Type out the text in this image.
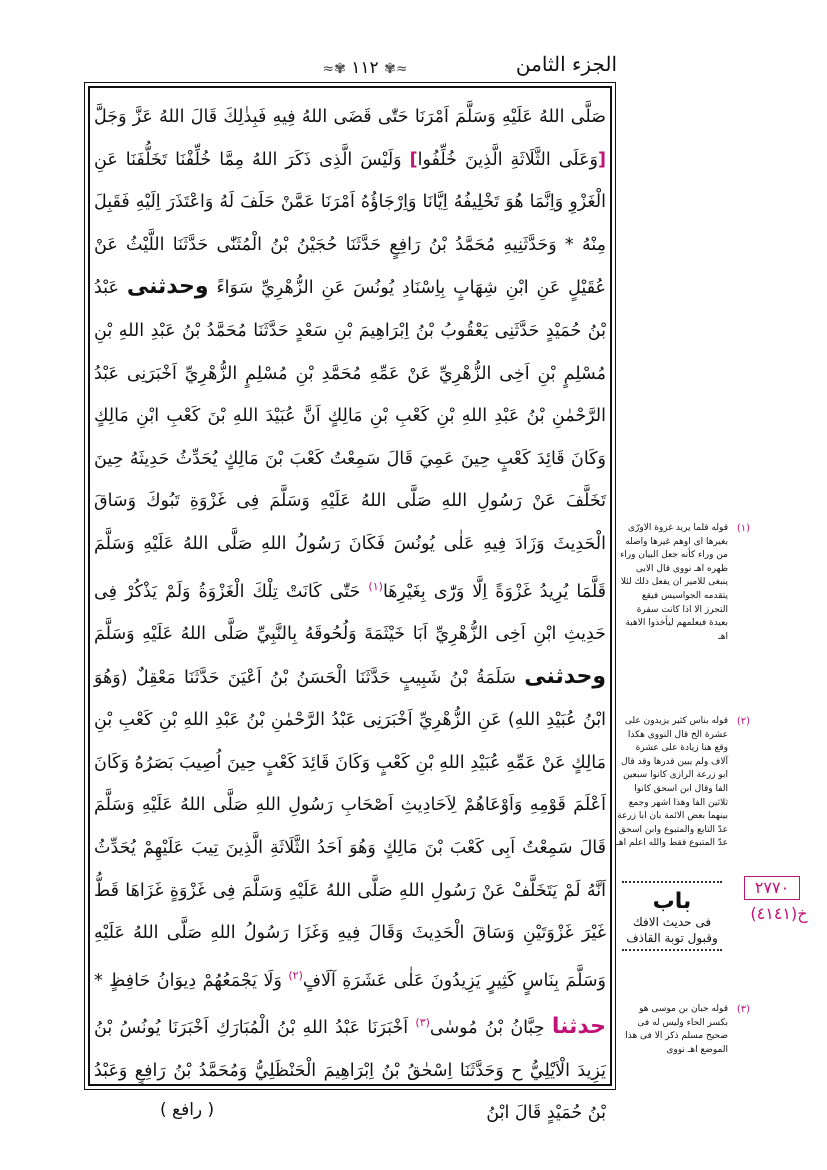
الجزء الثامن
≈✾ ١١٢ ✾≈
صَلَّى اللهُ عَلَيْهِ وَسَلَّمَ اَمْرَنَا حَتّٰى قَضَى اللهُ فِيهِ فَبِذٰلِكَ قَالَ اللهُ عَزَّ وَجَلَّ [وَعَلَى الثَّلَاثَةِ الَّذِينَ خُلِّفُوا] وَلَيْسَ الَّذِى ذَكَرَ اللهُ مِمَّا خُلِّفْنَا تَخَلُّفَنَا عَنِ الْغَزْوِ وَاِنَّمَا هُوَ تَخْلِيفُهُ اِيَّانَا وَاِرْجَاؤُهُ اَمْرَنَا عَمَّنْ حَلَفَ لَهُ وَاعْتَذَرَ اِلَيْهِ فَقَبِلَ مِنْهُ * وَحَدَّثَنِيهِ مُحَمَّدُ بْنُ رَافِعٍ حَدَّثَنَا حُجَيْنُ بْنُ الْمُثَنّٰى حَدَّثَنَا اللَّيْثُ عَنْ عُقَيْلٍ عَنِ ابْنِ شِهَابٍ بِاِسْنَادِ يُونُسَ عَنِ الزُّهْرِيِّ سَوَاءً وحدثنى عَبْدُ بْنُ حُمَيْدٍ حَدَّثَنِى يَعْقُوبُ بْنُ اِبْرَاهِيمَ بْنِ سَعْدٍ حَدَّثَنَا مُحَمَّدُ بْنُ عَبْدِ اللهِ بْنِ مُسْلِمٍ بْنِ اَخِى الزُّهْرِيِّ عَنْ عَمِّهِ مُحَمَّدِ بْنِ مُسْلِمٍ الزُّهْرِيِّ اَخْبَرَنِى عَبْدُ الرَّحْمٰنِ بْنُ عَبْدِ اللهِ بْنِ كَعْبِ بْنِ مَالِكٍ اَنَّ عُبَيْدَ اللهِ بْنَ كَعْبِ ابْنِ مَالِكٍ وَكَانَ قَائِدَ كَعْبٍ حِينَ عَمِيَ قَالَ سَمِعْتُ كَعْبَ بْنَ مَالِكٍ يُحَدِّثُ حَدِيثَهُ حِينَ تَخَلَّفَ عَنْ رَسُولِ اللهِ صَلَّى اللهُ عَلَيْهِ وَسَلَّمَ فِى غَزْوَةِ تَبُوكَ وَسَاقَ الْحَدِيثَ وَزَادَ فِيهِ عَلٰى يُونُسَ فَكَانَ رَسُولُ اللهِ صَلَّى اللهُ عَلَيْهِ وَسَلَّمَ قَلَّمَا يُرِيدُ غَزْوَةً اِلَّا وَرّٰى بِغَيْرِهَا$^{(١)}$ حَتّٰى كَانَتْ تِلْكَ الْغَزْوَةُ وَلَمْ يَذْكُرْ فِى حَدِيثِ ابْنِ اَخِى الزُّهْرِيِّ اَبَا خَيْثَمَةَ وَلُحُوقَهُ بِالنَّبِيِّ صَلَّى اللهُ عَلَيْهِ وَسَلَّمَ وحدثنى سَلَمَةُ بْنُ شَبِيبٍ حَدَّثَنَا الْحَسَنُ بْنُ اَعْيَنَ حَدَّثَنَا مَعْقِلٌ (وَهُوَ ابْنُ عُبَيْدِ اللهِ) عَنِ الزُّهْرِيِّ اَخْبَرَنِى عَبْدُ الرَّحْمٰنِ بْنُ عَبْدِ اللهِ بْنِ كَعْبِ بْنِ مَالِكٍ عَنْ عَمِّهِ عُبَيْدِ اللهِ بْنِ كَعْبٍ وَكَانَ قَائِدَ كَعْبٍ حِينَ اُصِيبَ بَصَرُهُ وَكَانَ اَعْلَمَ قَوْمِهِ وَاَوْعَاهُمْ لِاَحَادِيثِ اَصْحَابِ رَسُولِ اللهِ صَلَّى اللهُ عَلَيْهِ وَسَلَّمَ قَالَ سَمِعْتُ اَبِى كَعْبَ بْنَ مَالِكٍ وَهُوَ اَحَدُ الثَّلَاثَةِ الَّذِينَ تِيبَ عَلَيْهِمْ يُحَدِّثُ اَنَّهُ لَمْ يَتَخَلَّفْ عَنْ رَسُولِ اللهِ صَلَّى اللهُ عَلَيْهِ وَسَلَّمَ فِى غَزْوَةٍ غَزَاهَا قَطُّ غَيْرَ غَزْوَتَيْنِ وَسَاقَ الْحَدِيثَ وَقَالَ فِيهِ وَغَزَا رَسُولُ اللهِ صَلَّى اللهُ عَلَيْهِ وَسَلَّمَ بِنَاسٍ كَثِيرٍ يَزِيدُونَ عَلٰى عَشَرَةِ آلَافٍ$^{(٢)}$ وَلَا يَجْمَعُهُمْ دِيوَانُ حَافِظٍ * حدثنا حِبَّانُ بْنُ مُوسٰى$^{(٣)}$ اَخْبَرَنَا عَبْدُ اللهِ بْنُ الْمُبَارَكِ اَخْبَرَنَا يُونُسُ بْنُ يَزِيدَ الْاَيْلِيُّ ح وَحَدَّثَنَا اِسْحٰقُ بْنُ اِبْرَاهِيمَ الْحَنْظَلِيُّ وَمُحَمَّدُ بْنُ رَافِعٍ وَعَبْدُ بْنُ حُمَيْدٍ قَالَ ابْنُ
(١)
قوله قلما يريد غزوة الاورّى بغيرها اى اوهم غيرها واصله من وراء كأنه جعل البيان وراء ظهره اهـ نووى قال الابى ينبغى للامير ان يفعل ذلك لئلا يتقدمه الجواسيس فيقع التحرز الا اذا كانت سفرة بعيدة فيعلمهم ليأخذوا الاهبة اهـ
(٢)
قوله بناس كثير يزيدون على عشرة الخ قال النووى هكذا وقع هنا زيادة على عشرة آلاف ولم يبين قدرها وقد قال ابو زرعة الرازى كانوا سبعين الفا وقال ابن اسحق كانوا ثلاثين الفا وهذا اشهر وجمع بينهما بعض الائمة بان ابا زرعة عدّ التابع والمتبوع وابن اسحق عدّ المتبوع فقط والله اعلم اهـ
باب
فى حديث الافك وقبول توبة القاذف
٢٧٧٠
خ(٤١٤١)
(٣)
قوله حبان بن موسى هو بكسر الحاء وليس له فى صحيح مسلم ذكر الا فى هذا الموضع اهـ نووى
( رافع )
